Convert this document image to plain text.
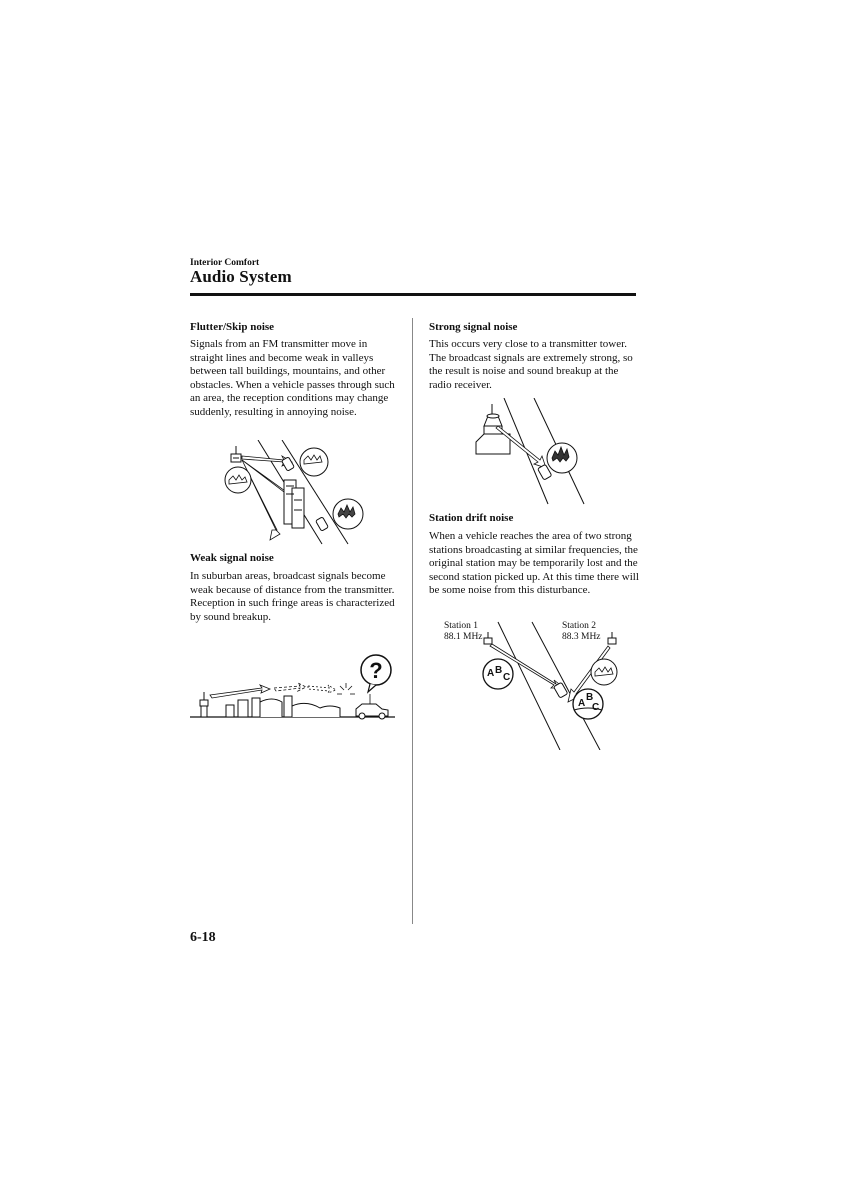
Interior Comfort
Audio System
Flutter/Skip noise
Signals from an FM transmitter move in straight lines and become weak in valleys between tall buildings, mountains, and other obstacles. When a vehicle passes through such an area, the reception conditions may change suddenly, resulting in annoying noise.
Weak signal noise
In suburban areas, broadcast signals become weak because of distance from the transmitter. Reception in such fringe areas is characterized by sound breakup.
?
Strong signal noise
This occurs very close to a transmitter tower. The broadcast signals are extremely strong, so the result is noise and sound breakup at the radio receiver.
Station drift noise
When a vehicle reaches the area of two strong stations broadcasting at similar frequencies, the original station may be temporarily lost and the second station picked up. At this time there will be some noise from this disturbance.
Station 1
88.1 MHz
Station 2
88.3 MHz
A B
C
A
B
C
6-18
